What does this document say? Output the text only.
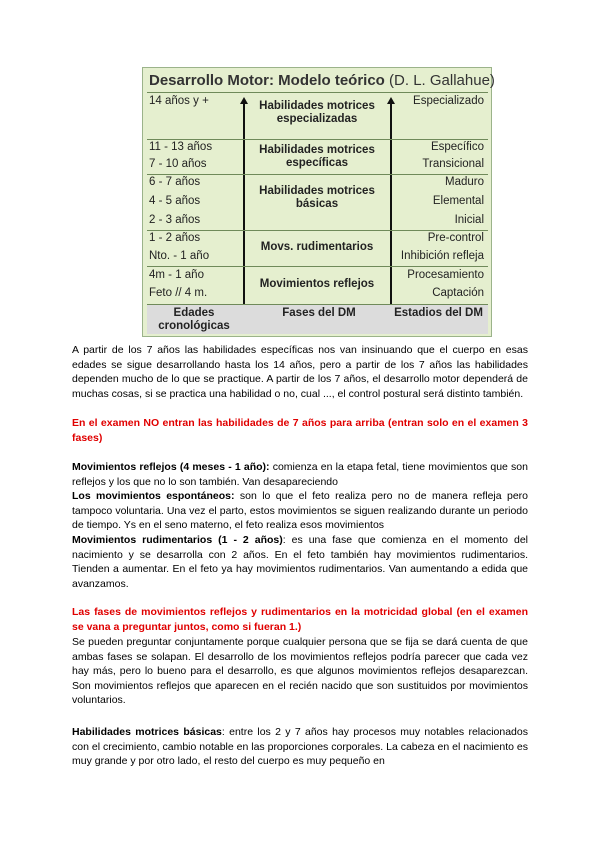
Desarrollo Motor: Modelo teórico (D. L. Gallahue)
14 años y +	Habilidades motrices especializadas
Especializado
11 - 13 años
7 - 10 años
Habilidades motrices específicas
Específico
Transicional
6 - 7 años
4 - 5 años
2 - 3 años
Habilidades motrices básicas
Maduro
Elemental
Inicial
1 - 2 años
Nto. - 1 año
Movs. rudimentarios
Pre-control
Inhibición refleja
4m - 1 año
Feto // 4 m.
Movimientos reflejos
Procesamiento
Captación
Edades cronológicas
Fases del DM	Estadios del DM
A partir de los 7 años las habilidades específicas nos van insinuando que el cuerpo en esas edades se sigue desarrollando hasta los 14 años, pero a partir de los 7 años las habilidades dependen mucho de lo que se practique. A partir de los 7 años, el desarrollo motor dependerá de muchas cosas, si se practica una habilidad o no, cual ..., el control postural será distinto también.
En el examen NO entran las habilidades de 7 años para arriba (entran solo en el examen 3 fases)
Movimientos reflejos (4 meses - 1 año): comienza en la etapa fetal, tiene movimientos que son reflejos y los que no lo son también. Van desapareciendo
Los movimientos espontáneos: son lo que el feto realiza pero no de manera refleja pero tampoco voluntaria. Una vez el parto, estos movimientos se siguen realizando durante un periodo de tiempo. Ys en el seno materno, el feto realiza esos movimientos
Movimientos rudimentarios (1 - 2 años): es una fase que comienza en el momento del nacimiento y se desarrolla con 2 años. En el feto también hay movimientos rudimentarios. Tienden a aumentar. En el feto ya hay movimientos rudimentarios. Van aumentando a edida que avanzamos.
Las fases de movimientos reflejos y rudimentarios en la motricidad global (en el examen se vana a preguntar juntos, como si fueran 1.)
Se pueden preguntar conjuntamente porque cualquier persona que se fija se dará cuenta de que ambas fases se solapan. El desarrollo de los movimientos reflejos podría parecer que cada vez hay más, pero lo bueno para el desarrollo, es que algunos movimientos reflejos desaparezcan. Son movimientos reflejos que aparecen en el recién nacido que son sustituidos por movimientos voluntarios.
Habilidades motrices básicas: entre los 2 y 7 años hay procesos muy notables relacionados con el crecimiento, cambio notable en las proporciones corporales. La cabeza en el nacimiento es muy grande y por otro lado, el resto del cuerpo es muy pequeño en
